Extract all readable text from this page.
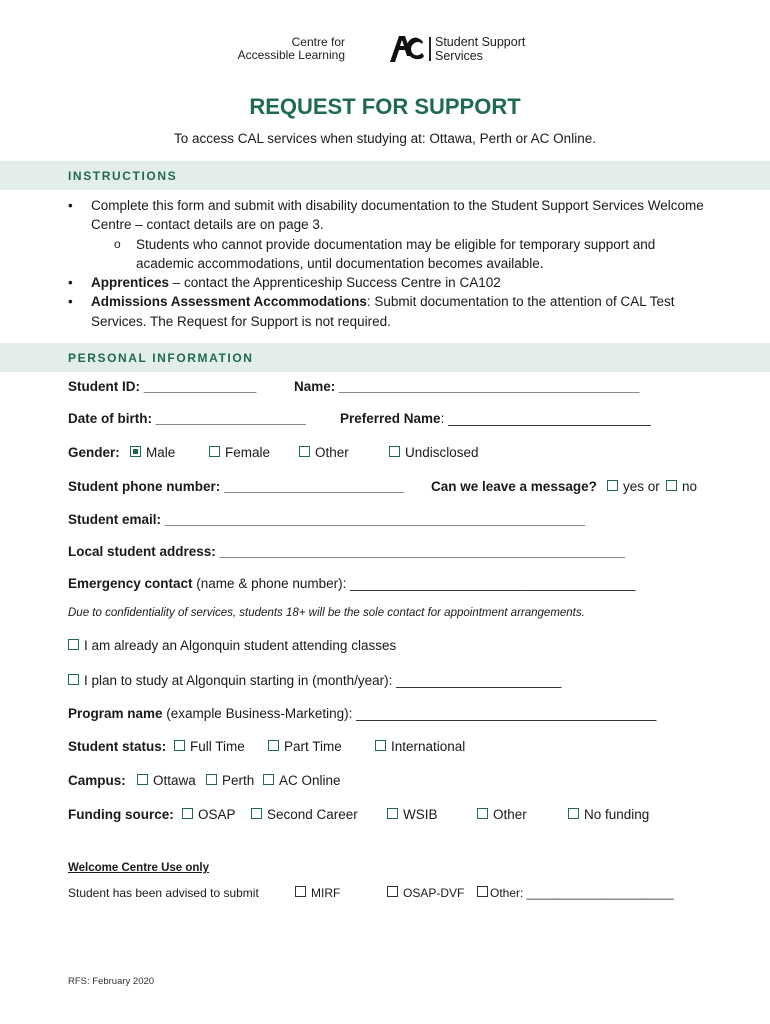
Centre for
Accessible Learning
Student Support
Services
REQUEST FOR SUPPORT
To access CAL services when studying at: Ottawa, Perth or AC Online.
INSTRUCTIONS
• Complete this form and submit with disability documentation to the Student Support Services Welcome Centre – contact details are on page 3.
o Students who cannot provide documentation may be eligible for temporary support and academic accommodations, until documentation becomes available.
• Apprentices – contact the Apprenticeship Success Centre in CA102
• Admissions Assessment Accommodations: Submit documentation to the attention of CAL Test Services. The Request for Support is not required.
PERSONAL INFORMATION
Student ID: _______________	Name: ________________________________________
Date of birth: ____________________	Preferred Name: ___________________________
Gender:	Male	Female	Other	Undisclosed
Student phone number: ________________________ Can we leave a message?	yes or	no
Student email: ________________________________________________________
Local student address: ______________________________________________________
Emergency contact (name & phone number): ______________________________________
Due to confidentiality of services, students 18+ will be the sole contact for appointment arrangements.
I am already an Algonquin student attending classes
I plan to study at Algonquin starting in (month/year): ______________________
Program name (example Business-Marketing): ________________________________________
Student status:	Full Time	Part Time	International
Campus:	Ottawa	Perth	AC Online
Funding source:	OSAP	Second Career	WSIB	Other	No funding
Welcome Centre Use only
Student has been advised to submit	MIRF	OSAP-DVF	Other: ______________________
RFS: February 2020
